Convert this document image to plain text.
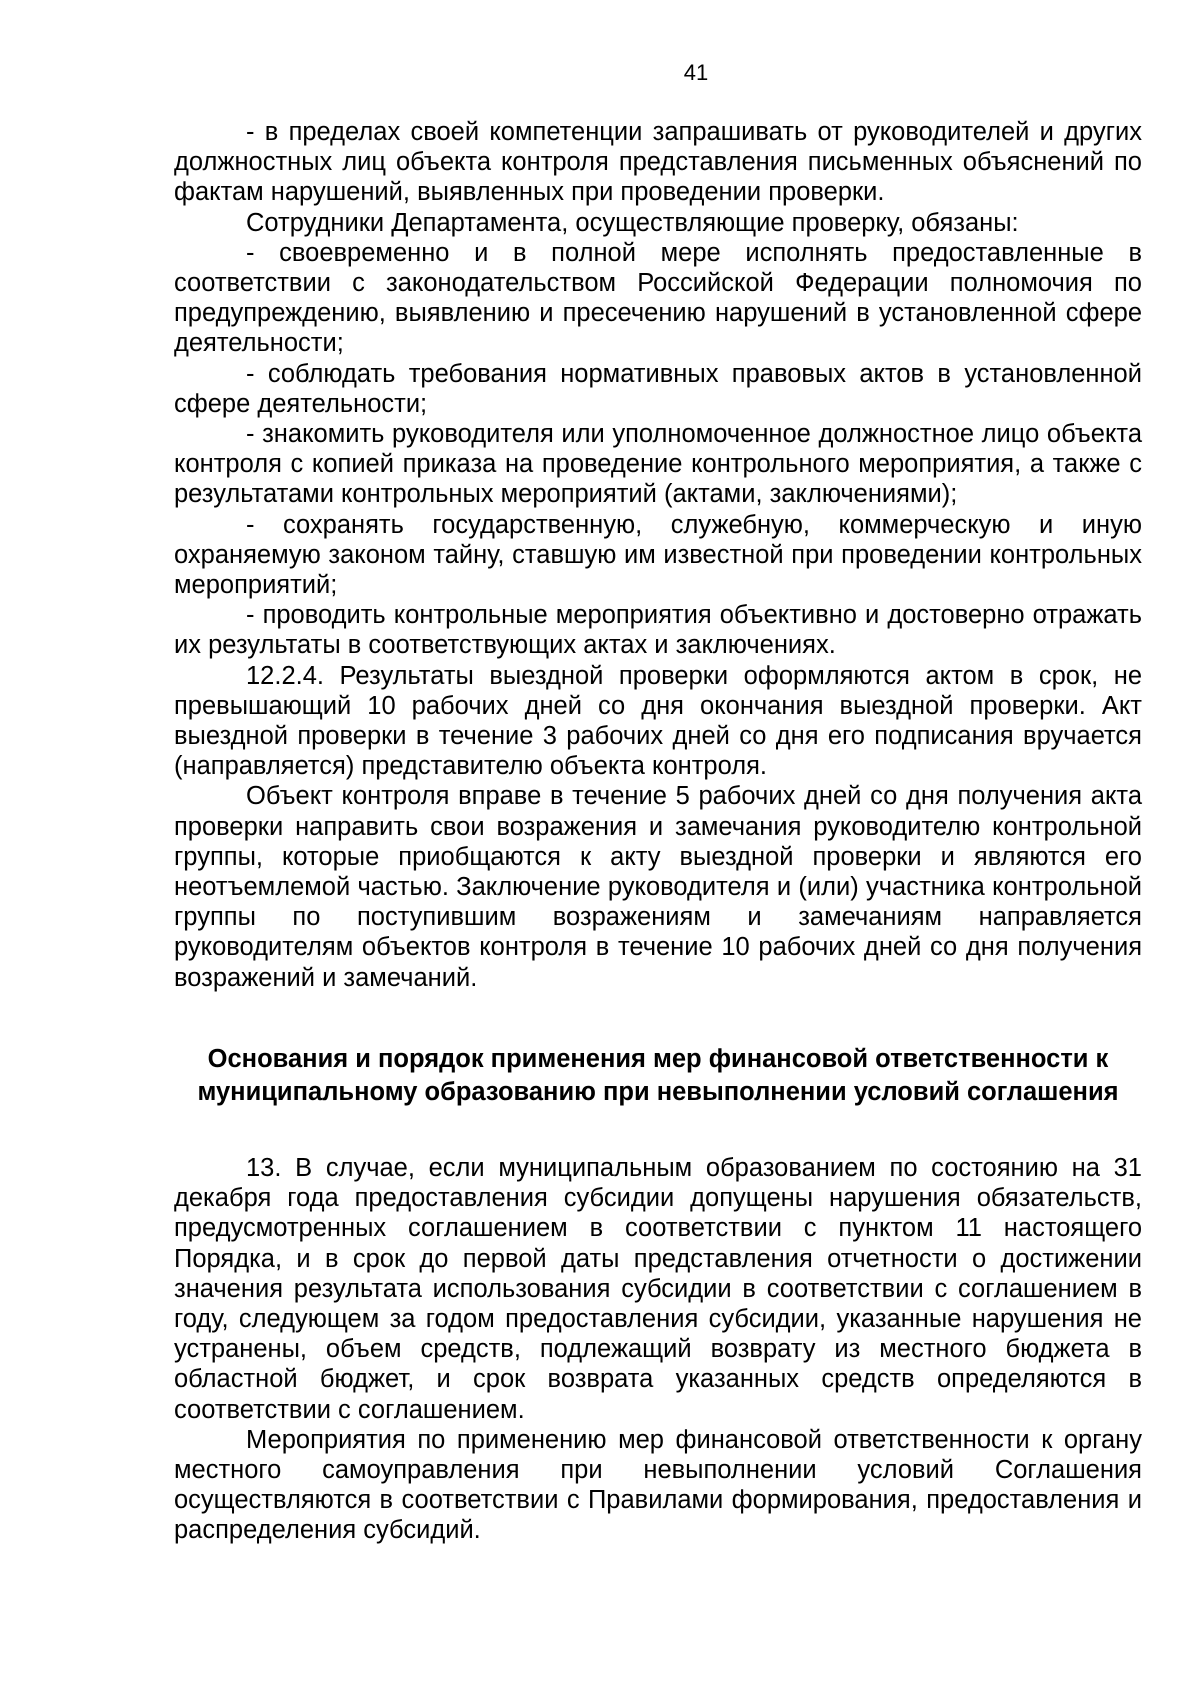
41

- в пределах своей компетенции запрашивать от руководителей и других должностных лиц объекта контроля представления письменных объяснений по фактам нарушений, выявленных при проведении проверки.

Сотрудники Департамента, осуществляющие проверку, обязаны:

- своевременно и в полной мере исполнять предоставленные в соответствии с законодательством Российской Федерации полномочия по предупреждению, выявлению и пресечению нарушений в установленной сфере деятельности;

- соблюдать требования нормативных правовых актов в установленной сфере деятельности;

- знакомить руководителя или уполномоченное должностное лицо объекта контроля с копией приказа на проведение контрольного мероприятия, а также с результатами контрольных мероприятий (актами, заключениями);

- сохранять государственную, служебную, коммерческую и иную охраняемую законом тайну, ставшую им известной при проведении контрольных мероприятий;

- проводить контрольные мероприятия объективно и достоверно отражать их результаты в соответствующих актах и заключениях.

12.2.4. Результаты выездной проверки оформляются актом в срок, не превышающий 10 рабочих дней со дня окончания выездной проверки. Акт выездной проверки в течение 3 рабочих дней со дня его подписания вручается (направляется) представителю объекта контроля.

Объект контроля вправе в течение 5 рабочих дней со дня получения акта проверки направить свои возражения и замечания руководителю контрольной группы, которые приобщаются к акту выездной проверки и являются его неотъемлемой частью. Заключение руководителя и (или) участника контрольной группы по поступившим возражениям и замечаниям направляется руководителям объектов контроля в течение 10 рабочих дней со дня получения возражений и замечаний.

Основания и порядок применения мер финансовой ответственности к
муниципальному образованию при невыполнении условий соглашения

13. В случае, если муниципальным образованием по состоянию на 31 декабря года предоставления субсидии допущены нарушения обязательств, предусмотренных соглашением в соответствии с пунктом 11 настоящего Порядка, и в срок до первой даты представления отчетности о достижении значения результата использования субсидии в соответствии с соглашением в году, следующем за годом предоставления субсидии, указанные нарушения не устранены, объем средств, подлежащий возврату из местного бюджета в областной бюджет, и срок возврата указанных средств определяются в соответствии с соглашением.

Мероприятия по применению мер финансовой ответственности к органу местного самоуправления при невыполнении условий Соглашения осуществляются в соответствии с Правилами формирования, предоставления и распределения субсидий.
